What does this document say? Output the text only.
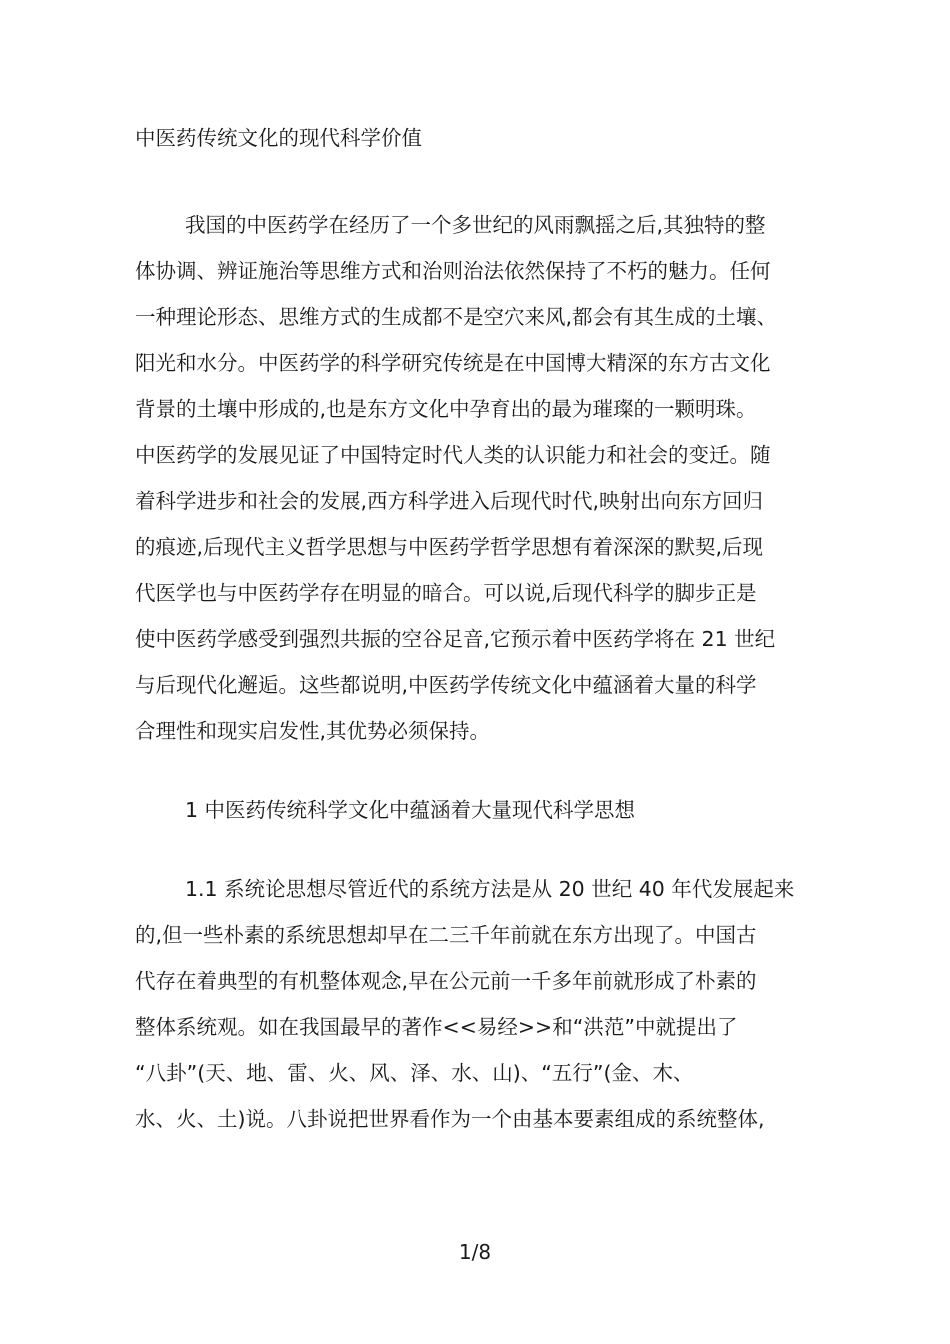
中医药传统文化的现代科学价值
我国的中医药学在经历了一个多世纪的风雨飘摇之后,其独特的整
体协调、辨证施治等思维方式和治则治法依然保持了不朽的魅力。任何
一种理论形态、思维方式的生成都不是空穴来风,都会有其生成的土壤、
阳光和水分。中医药学的科学研究传统是在中国博大精深的东方古文化
背景的土壤中形成的,也是东方文化中孕育出的最为璀璨的一颗明珠。
中医药学的发展见证了中国特定时代人类的认识能力和社会的变迁。随
着科学进步和社会的发展,西方科学进入后现代时代,映射出向东方回归
的痕迹,后现代主义哲学思想与中医药学哲学思想有着深深的默契,后现
代医学也与中医药学存在明显的暗合。可以说,后现代科学的脚步正是
使中医药学感受到强烈共振的空谷足音,它预示着中医药学将在 21 世纪
与后现代化邂逅。这些都说明,中医药学传统文化中蕴涵着大量的科学
合理性和现实启发性,其优势必须保持。
1 中医药传统科学文化中蕴涵着大量现代科学思想
1.1 系统论思想尽管近代的系统方法是从 20 世纪 40 年代发展起来
的,但一些朴素的系统思想却早在二三千年前就在东方出现了。中国古
代存在着典型的有机整体观念,早在公元前一千多年前就形成了朴素的
整体系统观。如在我国最早的著作<<易经>>和“洪范”中就提出了
“八卦”(天、地、雷、火、风、泽、水、山)、“五行”(金、木、
水、火、土)说。八卦说把世界看作为一个由基本要素组成的系统整体,
1/8
